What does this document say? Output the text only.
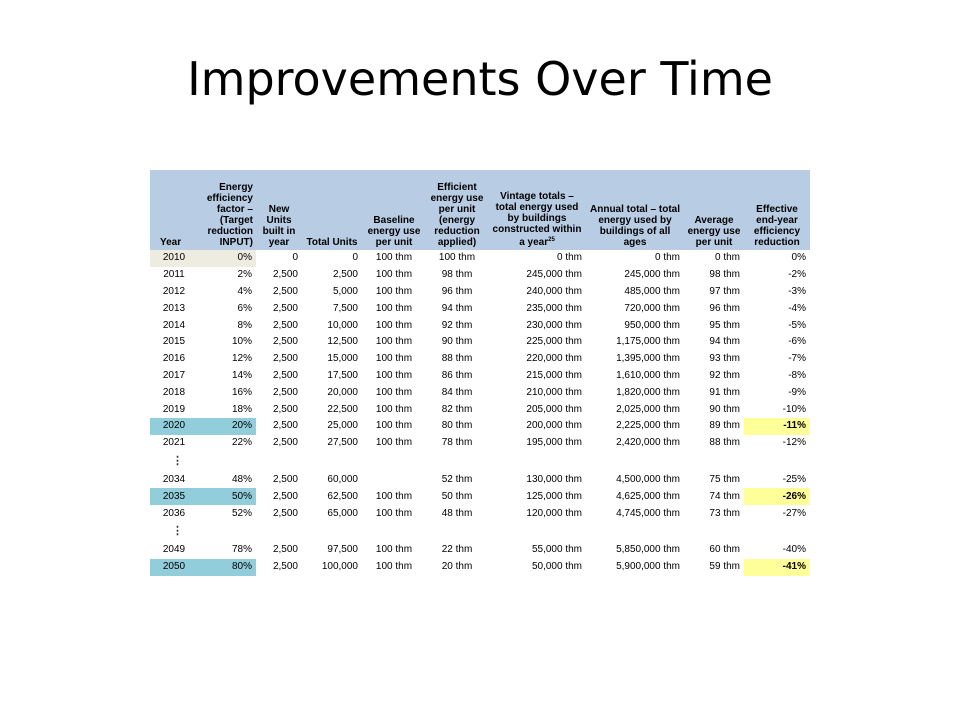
Improvements Over Time
Year	Energy efficiency factor – (Target reduction INPUT)	New Units built in year	Total Units	Baseline energy use per unit	Efficient energy use per unit (energy reduction applied)	Vintage totals – total energy used by buildings constructed within a year$^{25}$	Annual total – total energy used by buildings of all ages	Average energy use per unit	Effective end-year efficiency reduction
2010	0%	0	0	100 thm	100 thm	0 thm	0 thm	0 thm	0%
2011	2%	2,500	2,500	100 thm	98 thm	245,000 thm	245,000 thm	98 thm	-2%
2012	4%	2,500	5,000	100 thm	96 thm	240,000 thm	485,000 thm	97 thm	-3%
2013	6%	2,500	7,500	100 thm	94 thm	235,000 thm	720,000 thm	96 thm	-4%
2014	8%	2,500	10,000	100 thm	92 thm	230,000 thm	950,000 thm	95 thm	-5%
2015	10%	2,500	12,500	100 thm	90 thm	225,000 thm	1,175,000 thm	94 thm	-6%
2016	12%	2,500	15,000	100 thm	88 thm	220,000 thm	1,395,000 thm	93 thm	-7%
2017	14%	2,500	17,500	100 thm	86 thm	215,000 thm	1,610,000 thm	92 thm	-8%
2018	16%	2,500	20,000	100 thm	84 thm	210,000 thm	1,820,000 thm	91 thm	-9%
2019	18%	2,500	22,500	100 thm	82 thm	205,000 thm	2,025,000 thm	90 thm	-10%
2020	20%	2,500	25,000	100 thm	80 thm	200,000 thm	2,225,000 thm	89 thm	-11%
2021	22%	2,500	27,500	100 thm	78 thm	195,000 thm	2,420,000 thm	88 thm	-12%
⋮									
2034	48%	2,500	60,000		52 thm	130,000 thm	4,500,000 thm	75 thm	-25%
2035	50%	2,500	62,500	100 thm	50 thm	125,000 thm	4,625,000 thm	74 thm	-26%
2036	52%	2,500	65,000	100 thm	48 thm	120,000 thm	4,745,000 thm	73 thm	-27%
⋮									
2049	78%	2,500	97,500	100 thm	22 thm	55,000 thm	5,850,000 thm	60 thm	-40%
2050	80%	2,500	100,000	100 thm	20 thm	50,000 thm	5,900,000 thm	59 thm	-41%
